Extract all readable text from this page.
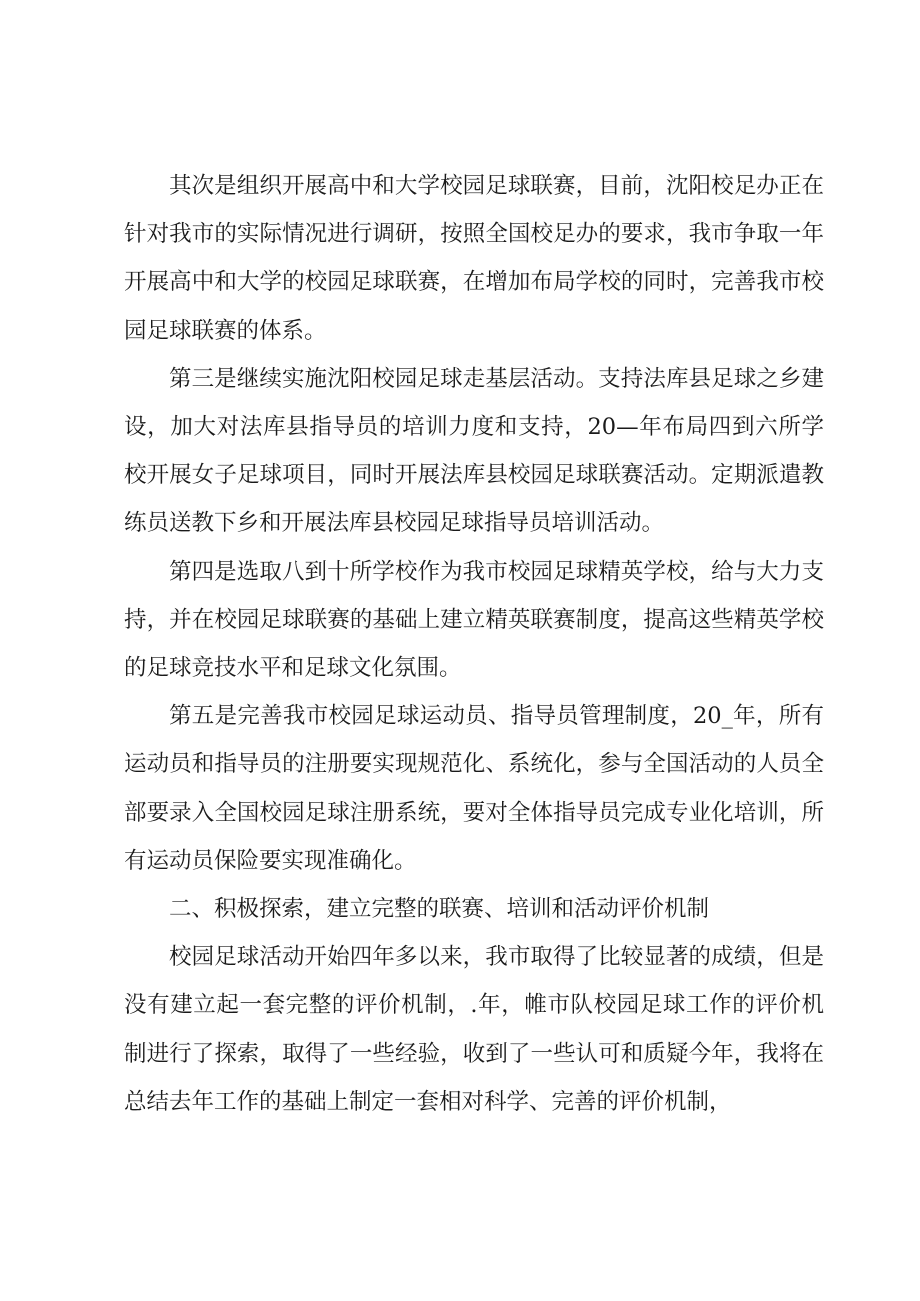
其次是组织开展高中和大学校园足球联赛，目前，沈阳校足办正在针对我市的实际情况进行调研，按照全国校足办的要求，我市争取一年开展高中和大学的校园足球联赛，在增加布局学校的同时，完善我市校园足球联赛的体系。

第三是继续实施沈阳校园足球走基层活动。支持法库县足球之乡建设，加大对法库县指导员的培训力度和支持，20—年布局四到六所学校开展女子足球项目，同时开展法库县校园足球联赛活动。定期派遣教练员送教下乡和开展法库县校园足球指导员培训活动。

第四是选取八到十所学校作为我市校园足球精英学校，给与大力支持，并在校园足球联赛的基础上建立精英联赛制度，提高这些精英学校的足球竞技水平和足球文化氛围。

第五是完善我市校园足球运动员、指导员管理制度，20_年，所有运动员和指导员的注册要实现规范化、系统化，参与全国活动的人员全部要录入全国校园足球注册系统，要对全体指导员完成专业化培训，所有运动员保险要实现准确化。

二、积极探索，建立完整的联赛、培训和活动评价机制

校园足球活动开始四年多以来，我市取得了比较显著的成绩，但是没有建立起一套完整的评价机制，.年，帷市队校园足球工作的评价机制进行了探索，取得了一些经验，收到了一些认可和质疑今年，我将在总结去年工作的基础上制定一套相对科学、完善的评价机制，
